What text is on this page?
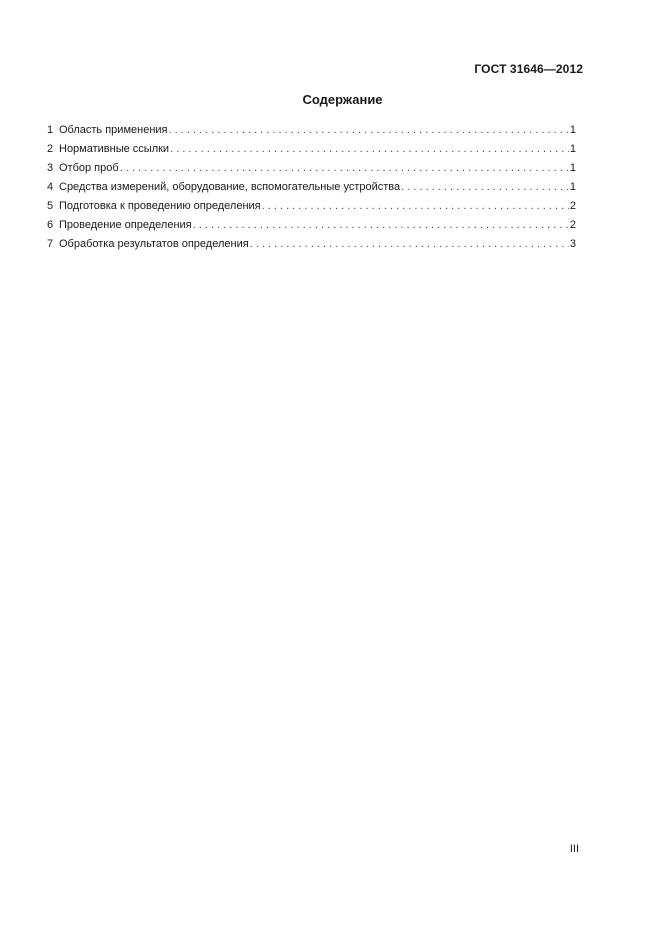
ГОСТ 31646—2012
Содержание
1 Область применения . . .	1
2 Нормативные ссылки . . .	1
3 Отбор проб . . .	1
4 Средства измерений, оборудование, вспомогательные устройства . . .	1
5 Подготовка к проведению определения . . .	2
6 Проведение определения . . .	2
7 Обработка результатов определения . . .	3
III
